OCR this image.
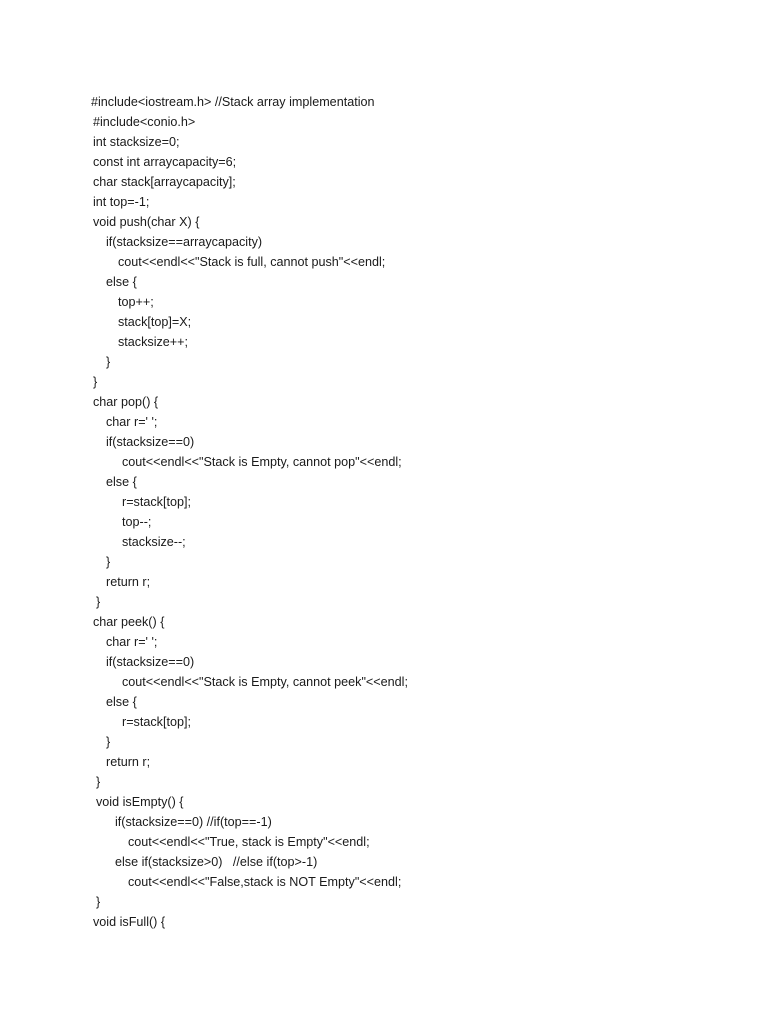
#include<iostream.h> //Stack array implementation
#include<conio.h>
int stacksize=0;
const int arraycapacity=6;
char stack[arraycapacity];
int top=-1;
void push(char X) {
if(stacksize==arraycapacity)
cout<<endl<<"Stack is full, cannot push"<<endl;
else {
top++;
stack[top]=X;
stacksize++;
}
}
char pop() {
char r=' ';
if(stacksize==0)
cout<<endl<<"Stack is Empty, cannot pop"<<endl;
else {
r=stack[top];
top--;
stacksize--;
}
return r;
}
char peek() {
char r=' ';
if(stacksize==0)
cout<<endl<<"Stack is Empty, cannot peek"<<endl;
else {
r=stack[top];
}
return r;
}
void isEmpty() {
if(stacksize==0) //if(top==-1)
cout<<endl<<"True, stack is Empty"<<endl;
else if(stacksize>0)   //else if(top>-1)
cout<<endl<<"False,stack is NOT Empty"<<endl;
}
void isFull() {
